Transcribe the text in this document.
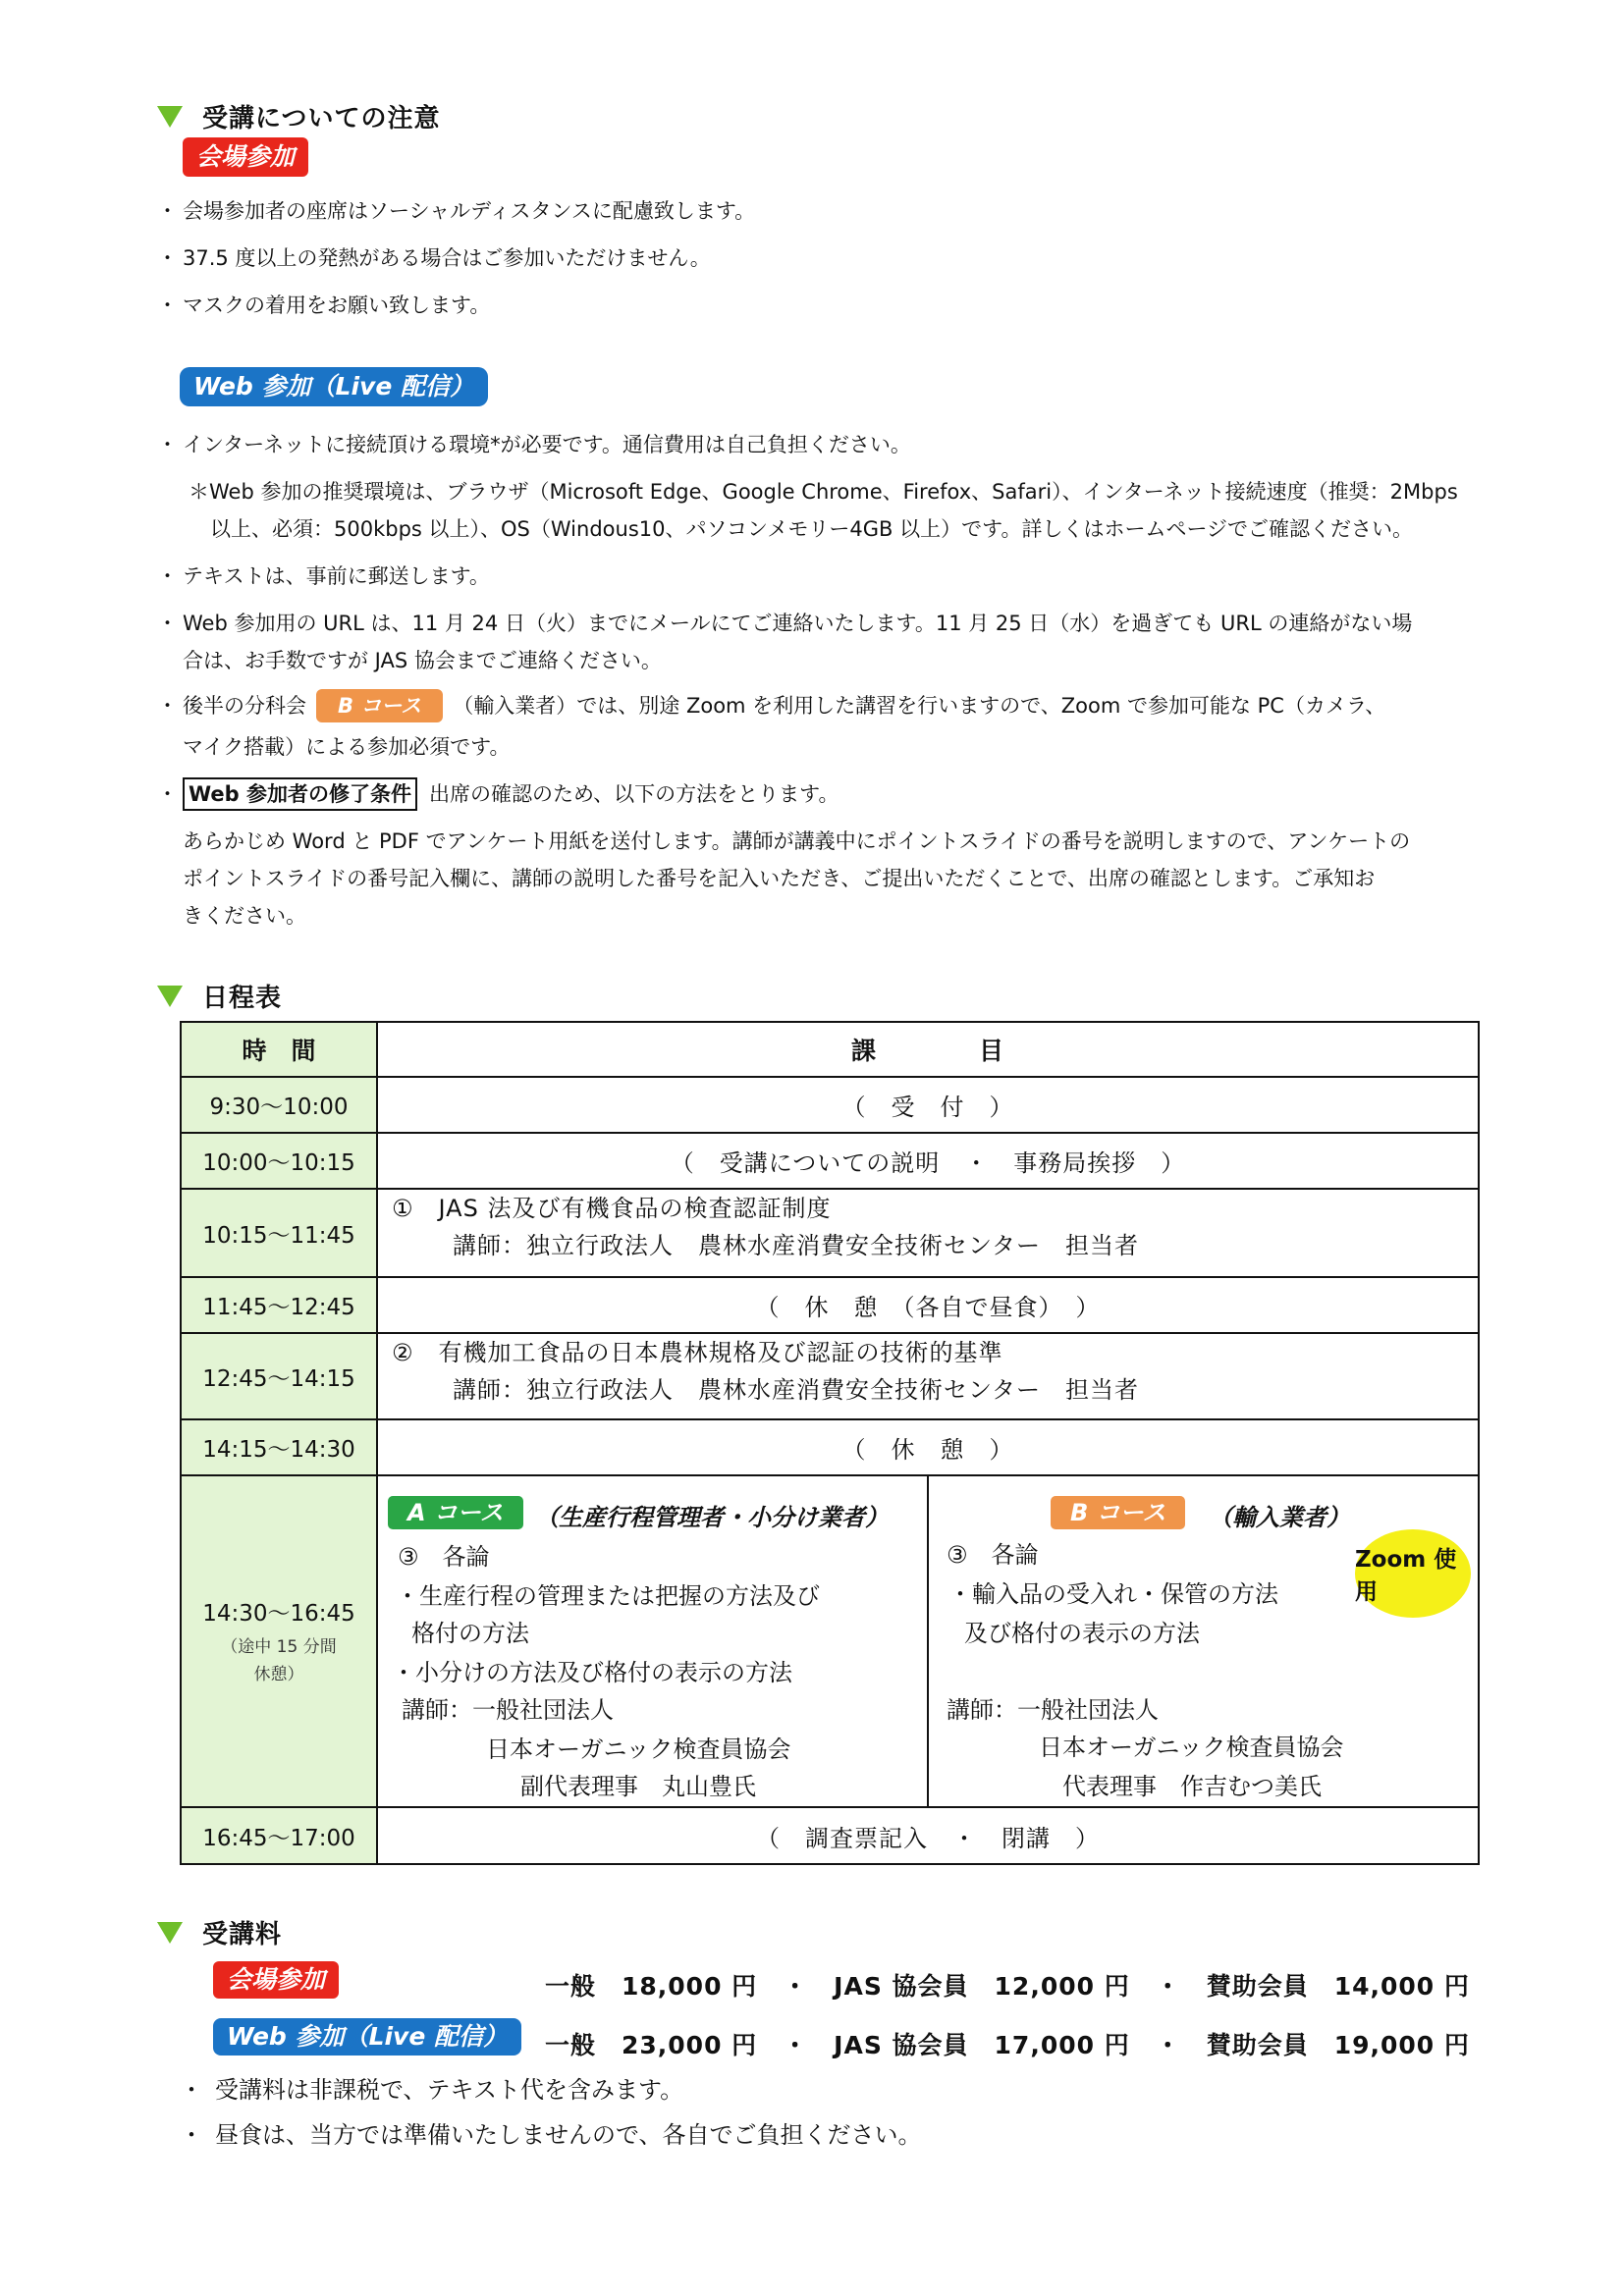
受講についての注意
会場参加
・ 会場参加者の座席はソーシャルディスタンスに配慮致します。
・ 37.5 度以上の発熱がある場合はご参加いただけません。
・ マスクの着用をお願い致します。
Web 参加（Live 配信）
・ インターネットに接続頂ける環境*が必要です。通信費用は自己負担ください。
＊Web 参加の推奨環境は、ブラウザ（Microsoft Edge、Google Chrome、Firefox、Safari）、インターネット接続速度（推奨：2Mbps
以上、必須：500kbps 以上）、OS（Windous10、パソコンメモリー4GB 以上）です。詳しくはホームページでご確認ください。
・ テキストは、事前に郵送します。
・ Web 参加用の URL は、11 月 24 日（火）までにメールにてご連絡いたします。11 月 25 日（水）を過ぎても URL の連絡がない場
合は、お手数ですが JAS 協会までご連絡ください。
・ 後半の分科会 B コース （輸入業者）では、別途 Zoom を利用した講習を行いますので、Zoom で参加可能な PC（カメラ、
マイク搭載）による参加必須です。
・ Web 参加者の修了条件 出席の確認のため、以下の方法をとります。
あらかじめ Word と PDF でアンケート用紙を送付します。講師が講義中にポイントスライドの番号を説明しますので、アンケートの
ポイントスライドの番号記入欄に、講師の説明した番号を記入いただき、ご提出いただくことで、出席の確認とします。ご承知お
きください。
日程表
時　間	課　　　　目
9:30～10:00	（　受　付　）
10:00～10:15	（　受講についての説明　・　事務局挨拶　）
10:15～11:45
①　JAS 法及び有機食品の検査認証制度
講師：独立行政法人　農林水産消費安全技術センター　担当者
11:45～12:45	（　休　憩　（各自で昼食）　）
12:45～14:15
②　有機加工食品の日本農林規格及び認証の技術的基準
講師：独立行政法人　農林水産消費安全技術センター　担当者
14:15～14:30	（　休　憩　）
14:30～16:45
（途中 15 分間
休憩）
A コース	（生産行程管理者・小分け業者）
③　各論
・生産行程の管理または把握の方法及び
格付の方法
・小分けの方法及び格付の表示の方法
講師：一般社団法人
日本オーガニック検査員協会
副代表理事　丸山豊氏
B コース	（輸入業者）
Zoom 使用
③　各論
・輸入品の受入れ・保管の方法
及び格付の表示の方法
講師：一般社団法人
日本オーガニック検査員協会
代表理事　作吉むつ美氏
16:45～17:00	（　調査票記入　・　閉講　）
受講料
会場参加	一般　18,000 円　・　JAS 協会員　12,000 円　・　賛助会員　14,000 円
Web 参加（Live 配信）	一般　23,000 円　・　JAS 協会員　17,000 円　・　賛助会員　19,000 円
・ 受講料は非課税で、テキスト代を含みます。
・ 昼食は、当方では準備いたしませんので、各自でご負担ください。
